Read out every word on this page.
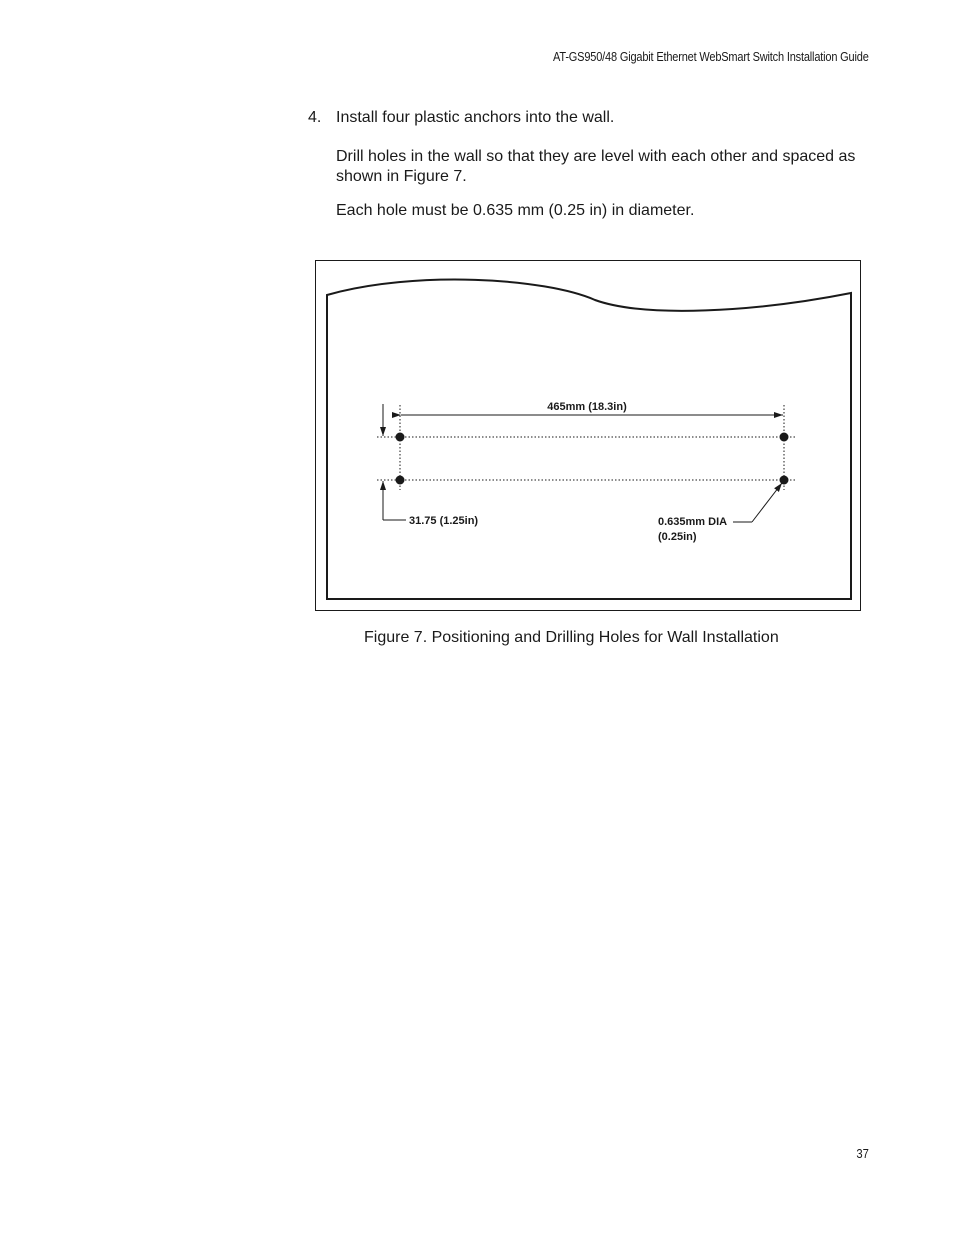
AT-GS950/48 Gigabit Ethernet WebSmart Switch Installation Guide
4. Install four plastic anchors into the wall.
Drill holes in the wall so that they are level with each other and spaced as shown in Figure 7.
Each hole must be 0.635 mm (0.25 in) in diameter.
465mm (18.3in)
31.75 (1.25in)	0.635mm DIA
(0.25in)
Figure 7. Positioning and Drilling Holes for Wall Installation
37
